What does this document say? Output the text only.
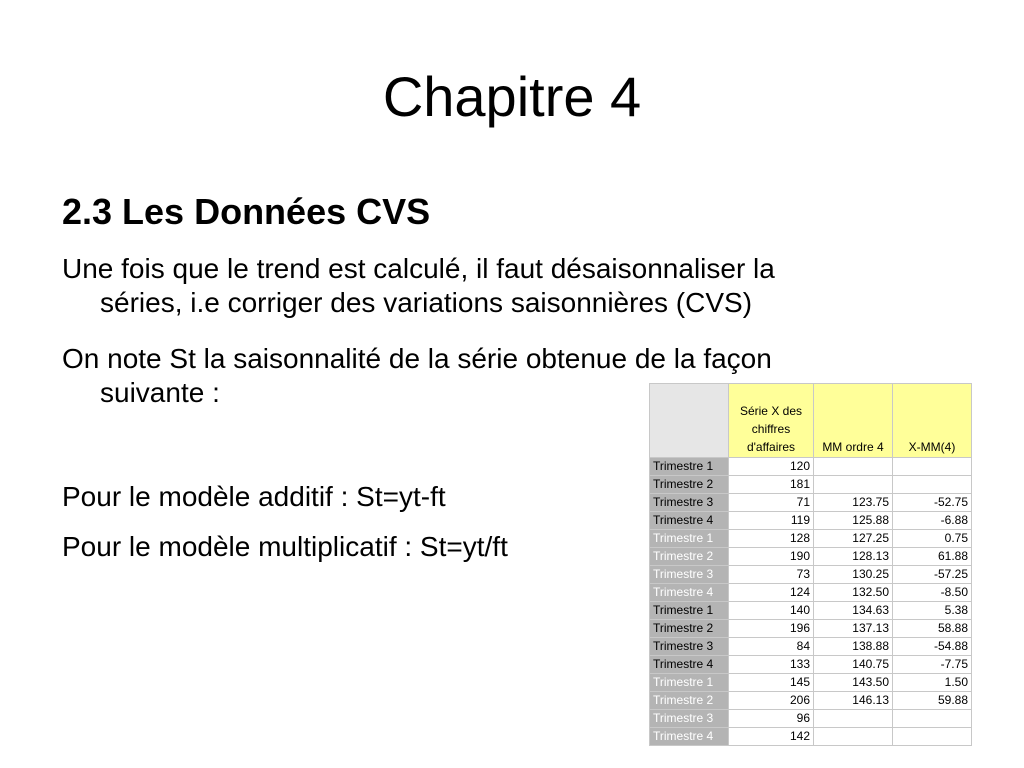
Chapitre 4
2.3 Les Données CVS

Une fois que le trend est calculé, il faut désaisonnaliser la
séries, i.e corriger des variations saisonnières (CVS)

On note St la saisonnalité de la série obtenue de la façon
suivante :

Pour le modèle additif : St=yt-ft

Pour le modèle multiplicatif : St=yt/ft

	Série X des chiffres d'affaires	MM ordre 4	X-MM(4)
Trimestre 1	120		
Trimestre 2	181		
Trimestre 3	71	123.75	-52.75
Trimestre 4	119	125.88	-6.88
Trimestre 1	128	127.25	0.75
Trimestre 2	190	128.13	61.88
Trimestre 3	73	130.25	-57.25
Trimestre 4	124	132.50	-8.50
Trimestre 1	140	134.63	5.38
Trimestre 2	196	137.13	58.88
Trimestre 3	84	138.88	-54.88
Trimestre 4	133	140.75	-7.75
Trimestre 1	145	143.50	1.50
Trimestre 2	206	146.13	59.88
Trimestre 3	96		
Trimestre 4	142		
